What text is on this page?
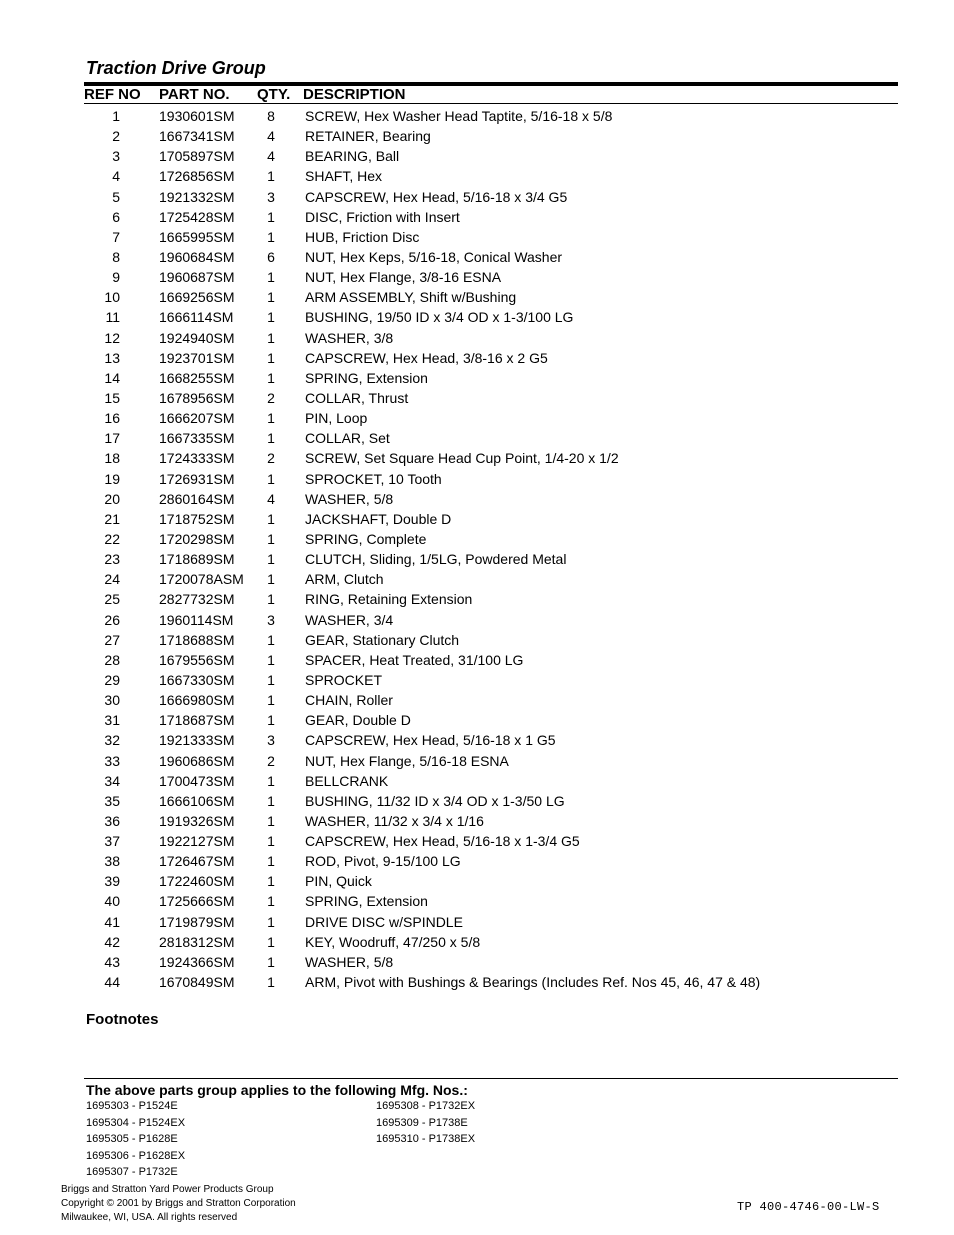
Traction Drive Group
REF NO PART NO. QTY. DESCRIPTION
1	1930601SM 8 SCREW, Hex Washer Head Taptite, 5/16-18 x 5/8
2	1667341SM 4 RETAINER, Bearing
3	1705897SM 4 BEARING, Ball
4	1726856SM 1 SHAFT, Hex
5	1921332SM 3 CAPSCREW, Hex Head, 5/16-18 x 3/4 G5
6	1725428SM 1 DISC, Friction with Insert
7	1665995SM 1 HUB, Friction Disc
8	1960684SM 6 NUT, Hex Keps, 5/16-18, Conical Washer
9	1960687SM 1 NUT, Hex Flange, 3/8-16 ESNA
10	1669256SM 1 ARM ASSEMBLY, Shift w/Bushing
11	1666114SM 1 BUSHING, 19/50 ID x 3/4 OD x 1-3/100 LG
12	1924940SM 1 WASHER, 3/8
13	1923701SM 1 CAPSCREW, Hex Head, 3/8-16 x 2 G5
14	1668255SM 1 SPRING, Extension
15	1678956SM 2 COLLAR, Thrust
16	1666207SM 1 PIN, Loop
17	1667335SM 1 COLLAR, Set
18	1724333SM 2 SCREW, Set Square Head Cup Point, 1/4-20 x 1/2
19	1726931SM 1 SPROCKET, 10 Tooth
20	2860164SM 4 WASHER, 5/8
21	1718752SM 1 JACKSHAFT, Double D
22	1720298SM 1 SPRING, Complete
23	1718689SM 1 CLUTCH, Sliding, 1/5LG, Powdered Metal
24	1720078ASM 1 ARM, Clutch
25	2827732SM 1 RING, Retaining Extension
26	1960114SM 3 WASHER, 3/4
27	1718688SM 1 GEAR, Stationary Clutch
28	1679556SM 1 SPACER, Heat Treated, 31/100 LG
29	1667330SM 1 SPROCKET
30	1666980SM 1 CHAIN, Roller
31	1718687SM 1 GEAR, Double D
32	1921333SM 3 CAPSCREW, Hex Head, 5/16-18 x 1 G5
33	1960686SM 2 NUT, Hex Flange, 5/16-18 ESNA
34	1700473SM 1 BELLCRANK
35	1666106SM 1 BUSHING, 11/32 ID x 3/4 OD x 1-3/50 LG
36	1919326SM 1 WASHER, 11/32 x 3/4 x 1/16
37	1922127SM 1 CAPSCREW, Hex Head, 5/16-18 x 1-3/4 G5
38	1726467SM 1 ROD, Pivot, 9-15/100 LG
39	1722460SM 1 PIN, Quick
40	1725666SM 1 SPRING, Extension
41	1719879SM 1 DRIVE DISC w/SPINDLE
42	2818312SM 1 KEY, Woodruff, 47/250 x 5/8
43	1924366SM 1 WASHER, 5/8
44	1670849SM 1 ARM, Pivot with Bushings & Bearings (Includes Ref. Nos 45, 46, 47 & 48)
Footnotes
The above parts group applies to the following Mfg. Nos.:
1695303 - P1524E
1695304 - P1524EX
1695305 - P1628E
1695306 - P1628EX
1695307 - P1732E
1695308 - P1732EX
1695309 - P1738E
1695310 - P1738EX
Briggs and Stratton Yard Power Products Group
Copyright © 2001 by Briggs and Stratton Corporation
Milwaukee, WI, USA. All rights reserved
TP 400-4746-00-LW-S
